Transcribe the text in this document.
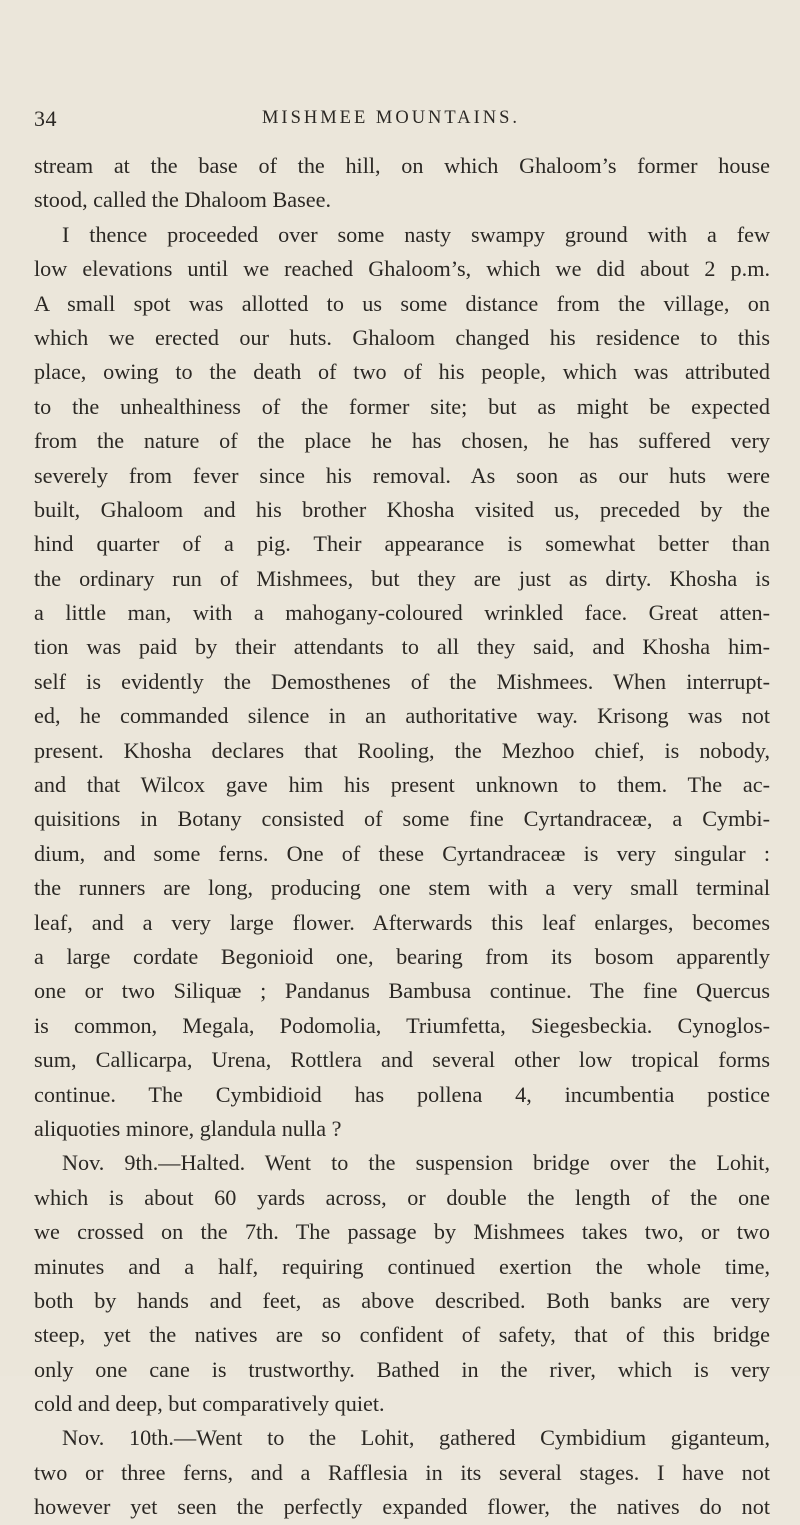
34	MISHMEE MOUNTAINS.
stream at the base of the hill, on which Ghaloom’s former house
stood, called the Dhaloom Basee.
I thence proceeded over some nasty swampy ground with a few
low elevations until we reached Ghaloom’s, which we did about 2 p.m.
A small spot was allotted to us some distance from the village, on
which we erected our huts. Ghaloom changed his residence to this
place, owing to the death of two of his people, which was attributed
to the unhealthiness of the former site; but as might be expected
from the nature of the place he has chosen, he has suffered very
severely from fever since his removal. As soon as our huts were
built, Ghaloom and his brother Khosha visited us, preceded by the
hind quarter of a pig. Their appearance is somewhat better than
the ordinary run of Mishmees, but they are just as dirty. Khosha is
a little man, with a mahogany-coloured wrinkled face. Great atten-
tion was paid by their attendants to all they said, and Khosha him-
self is evidently the Demosthenes of the Mishmees. When interrupt-
ed, he commanded silence in an authoritative way. Krisong was not
present. Khosha declares that Rooling, the Mezhoo chief, is nobody,
and that Wilcox gave him his present unknown to them. The ac-
quisitions in Botany consisted of some fine Cyrtandraceæ, a Cymbi-
dium, and some ferns. One of these Cyrtandraceæ is very singular :
the runners are long, producing one stem with a very small terminal
leaf, and a very large flower. Afterwards this leaf enlarges, becomes
a large cordate Begonioid one, bearing from its bosom apparently
one or two Siliquæ ; Pandanus Bambusa continue. The fine Quercus
is common, Megala, Podomolia, Triumfetta, Siegesbeckia. Cynoglos-
sum, Callicarpa, Urena, Rottlera and several other low tropical forms
continue. The Cymbidioid has pollena 4, incumbentia postice
aliquoties minore, glandula nulla ?
Nov. 9th.—Halted. Went to the suspension bridge over the Lohit,
which is about 60 yards across, or double the length of the one
we crossed on the 7th. The passage by Mishmees takes two, or two
minutes and a half, requiring continued exertion the whole time,
both by hands and feet, as above described. Both banks are very
steep, yet the natives are so confident of safety, that of this bridge
only one cane is trustworthy. Bathed in the river, which is very
cold and deep, but comparatively quiet.
Nov. 10th.—Went to the Lohit, gathered Cymbidium giganteum,
two or three ferns, and a Rafflesia in its several stages. I have not
however yet seen the perfectly expanded flower, the natives do not
